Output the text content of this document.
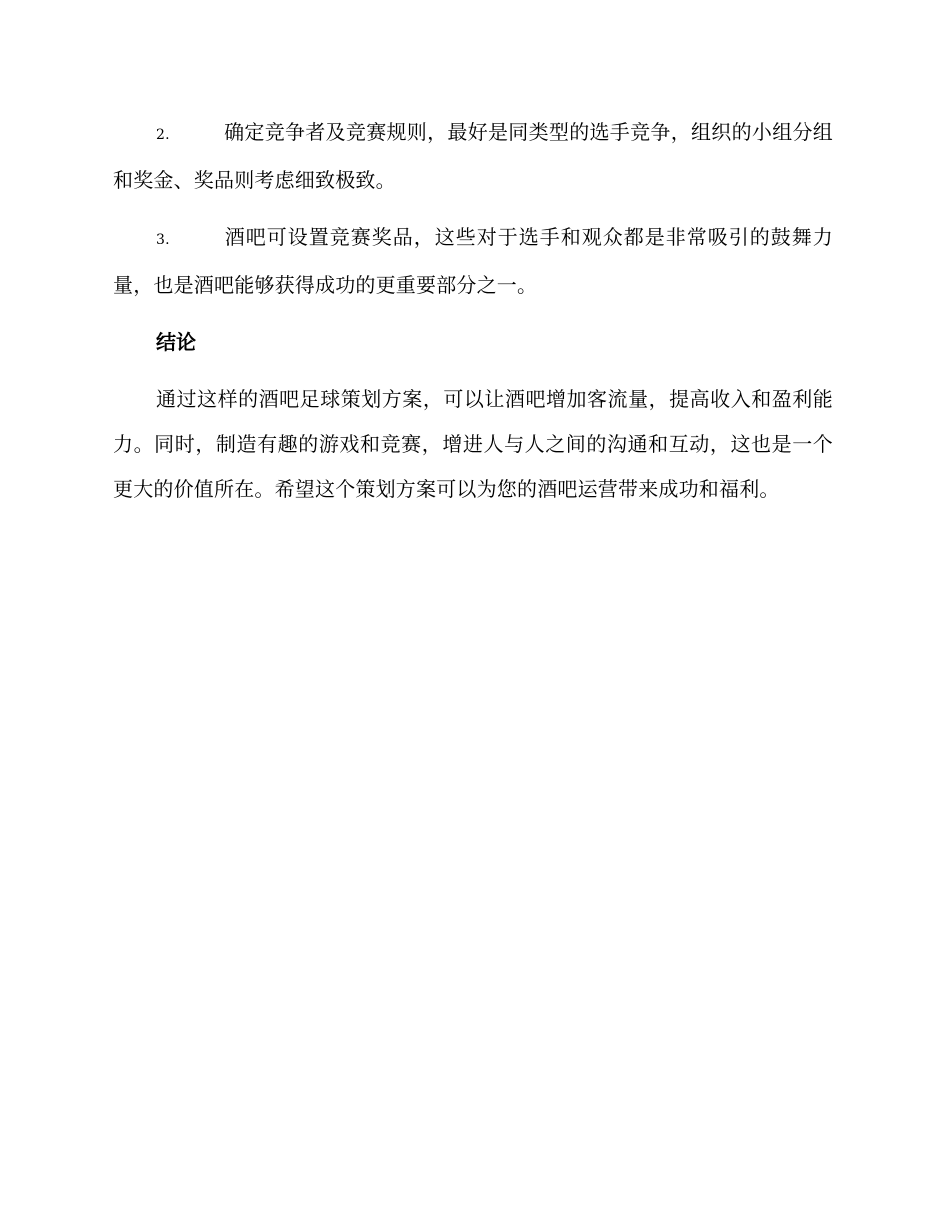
2.	确定竞争者及竞赛规则，最好是同类型的选手竞争，组织的小组分组和奖金、奖品则考虑细致极致。

3.	酒吧可设置竞赛奖品，这些对于选手和观众都是非常吸引的鼓舞力量，也是酒吧能够获得成功的更重要部分之一。

结论

通过这样的酒吧足球策划方案，可以让酒吧增加客流量，提高收入和盈利能力。同时，制造有趣的游戏和竞赛，增进人与人之间的沟通和互动，这也是一个更大的价值所在。希望这个策划方案可以为您的酒吧运营带来成功和福利。
